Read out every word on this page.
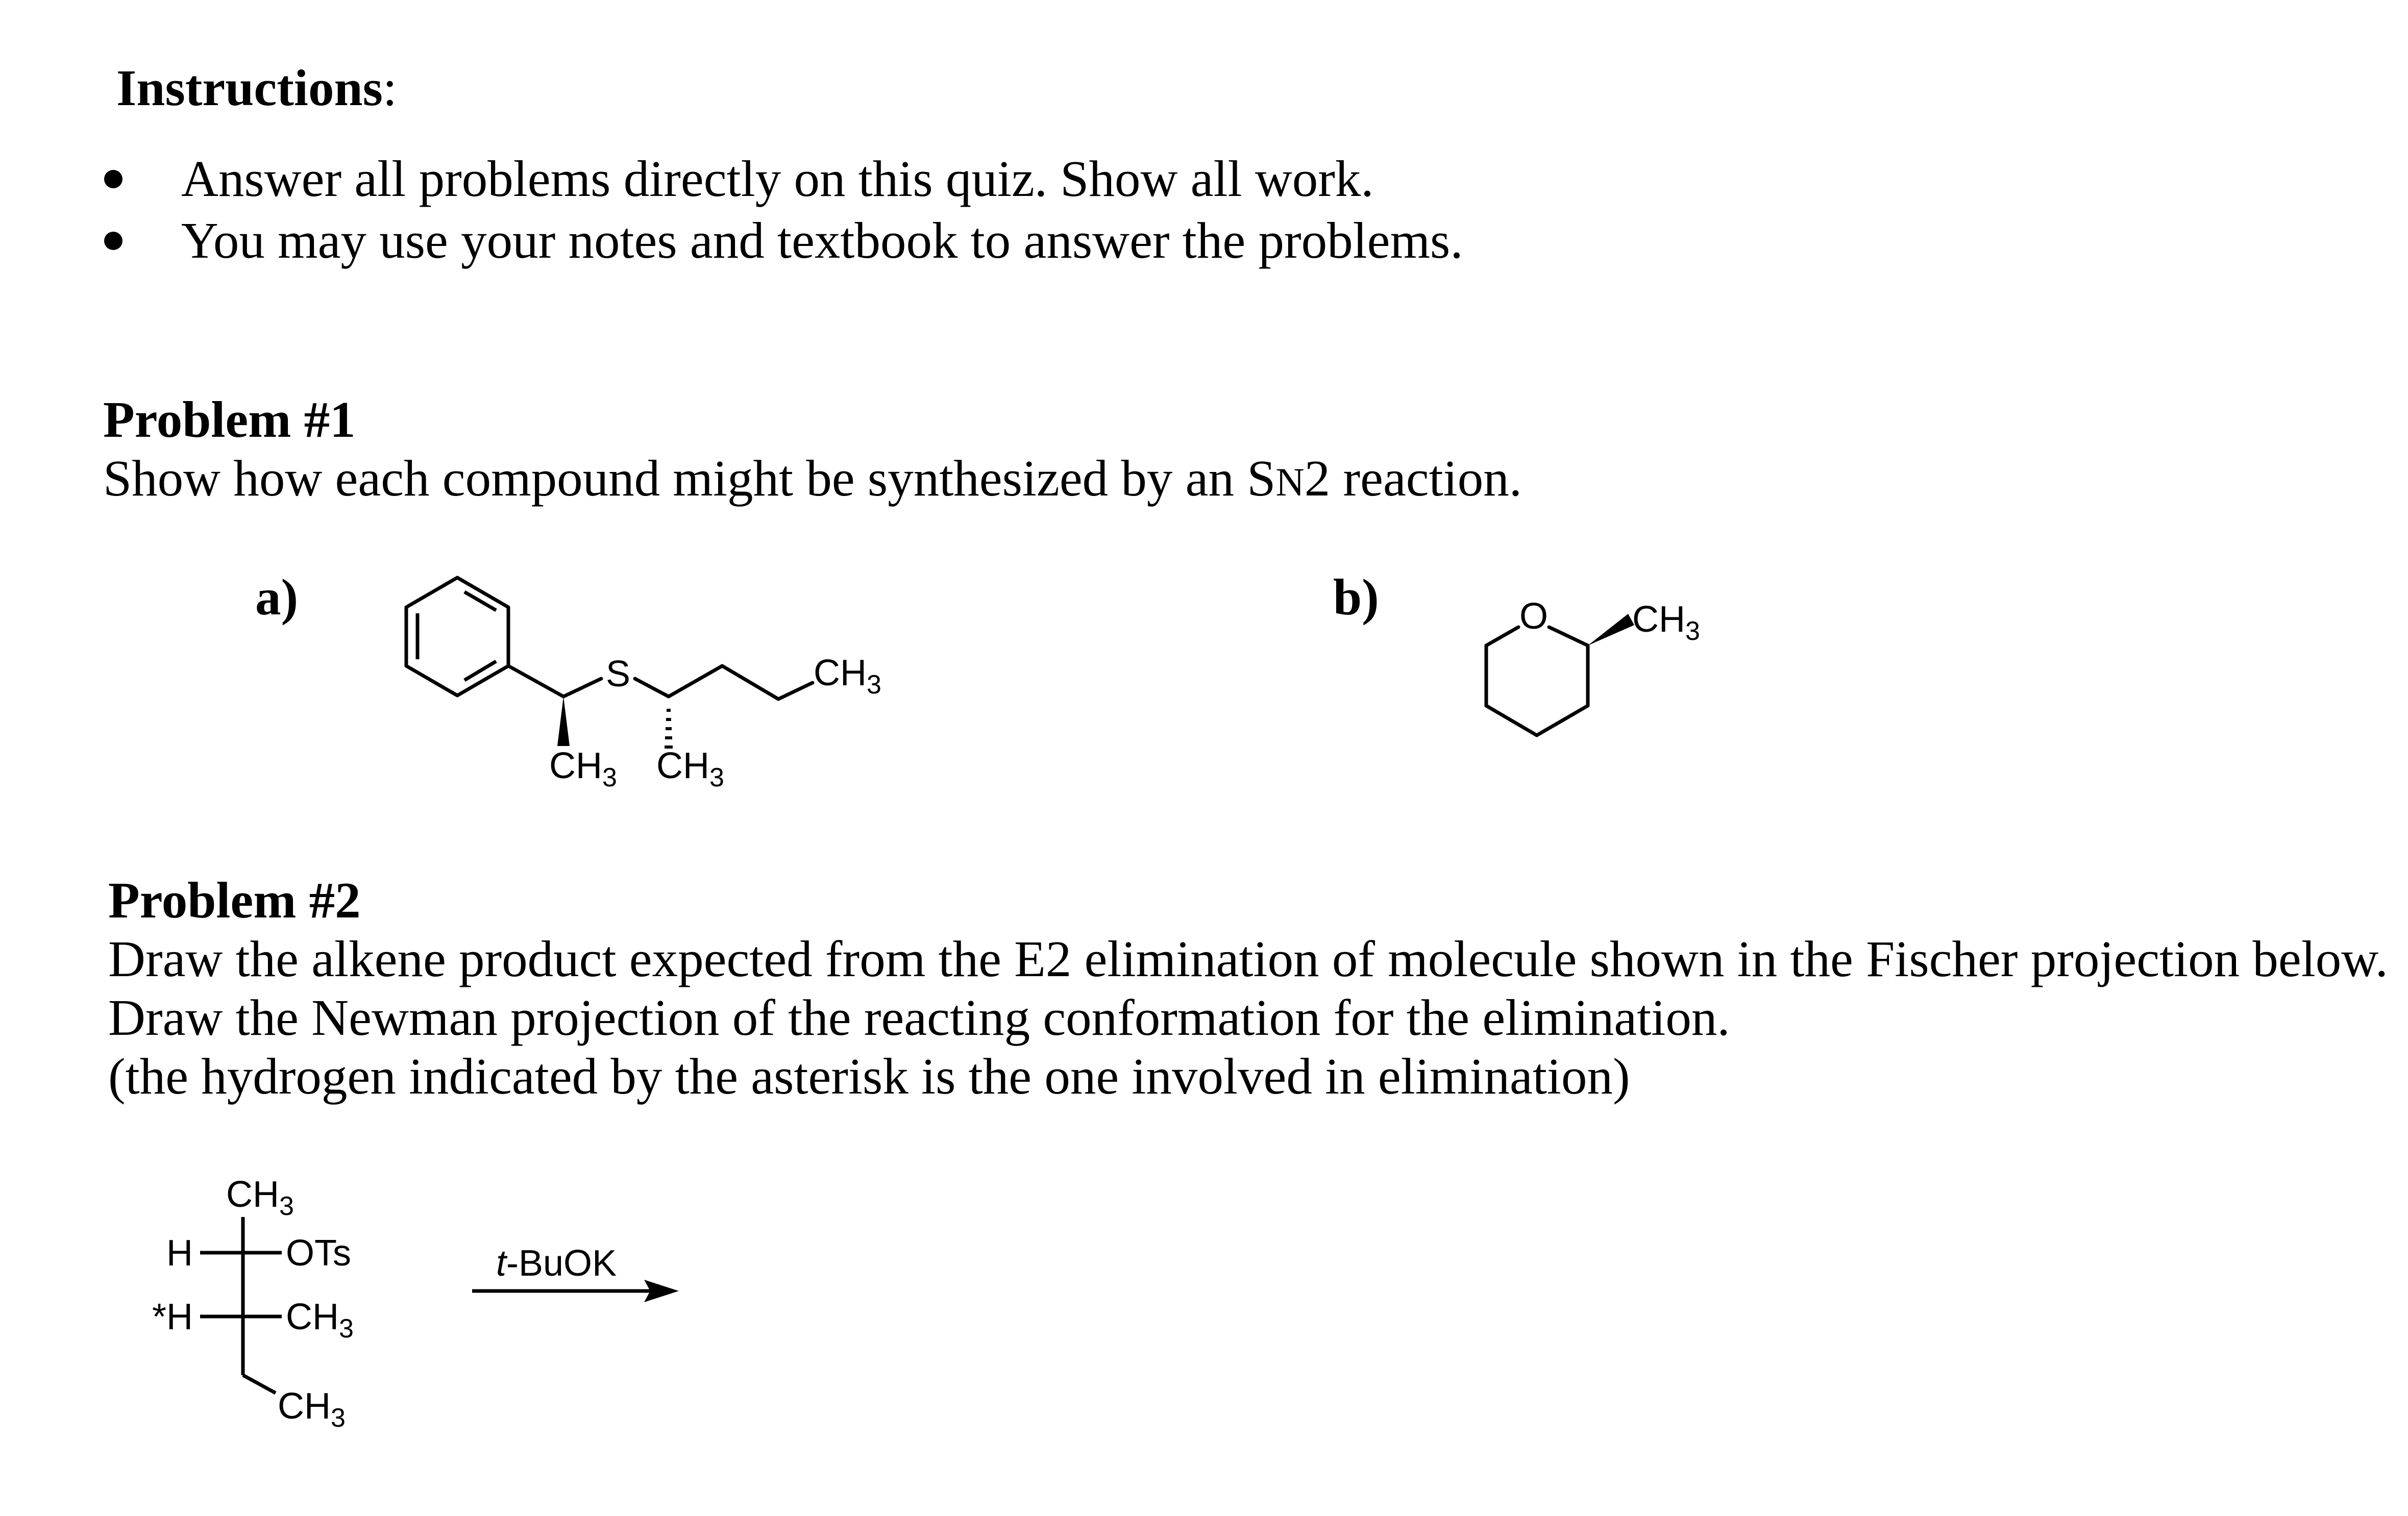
Instructions:
Answer all problems directly on this quiz. Show all work.
You may use your notes and textbook to answer the problems.
Problem #1
Show how each compound might be synthesized by an SN2 reaction.
a)	b)
Problem #2
Draw the alkene product expected from the E2 elimination of molecule shown in the Fischer projection below.
Draw the Newman projection of the reacting conformation for the elimination.
(the hydrogen indicated by the asterisk is the one involved in elimination)
S	$CH_3$
$CH_3$ $CH_3$
O $CH_3$
$CH_3$
H	OTs
*H	$CH_3$
$CH_3$
t-BuOK
